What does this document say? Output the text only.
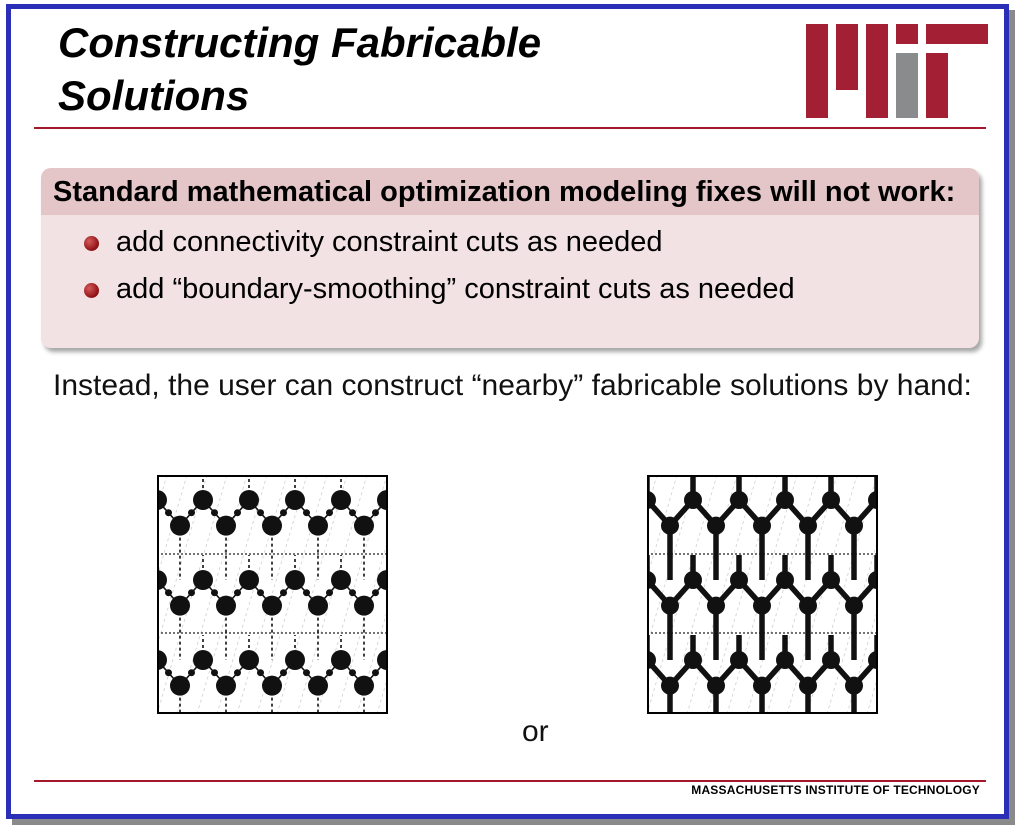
Constructing Fabricable
Solutions
Standard mathematical optimization modeling fixes will not work:
add connectivity constraint cuts as needed
add “boundary-smoothing” constraint cuts as needed
Instead, the user can construct “nearby” fabricable solutions by hand:
or
MASSACHUSETTS INSTITUTE OF TECHNOLOGY
